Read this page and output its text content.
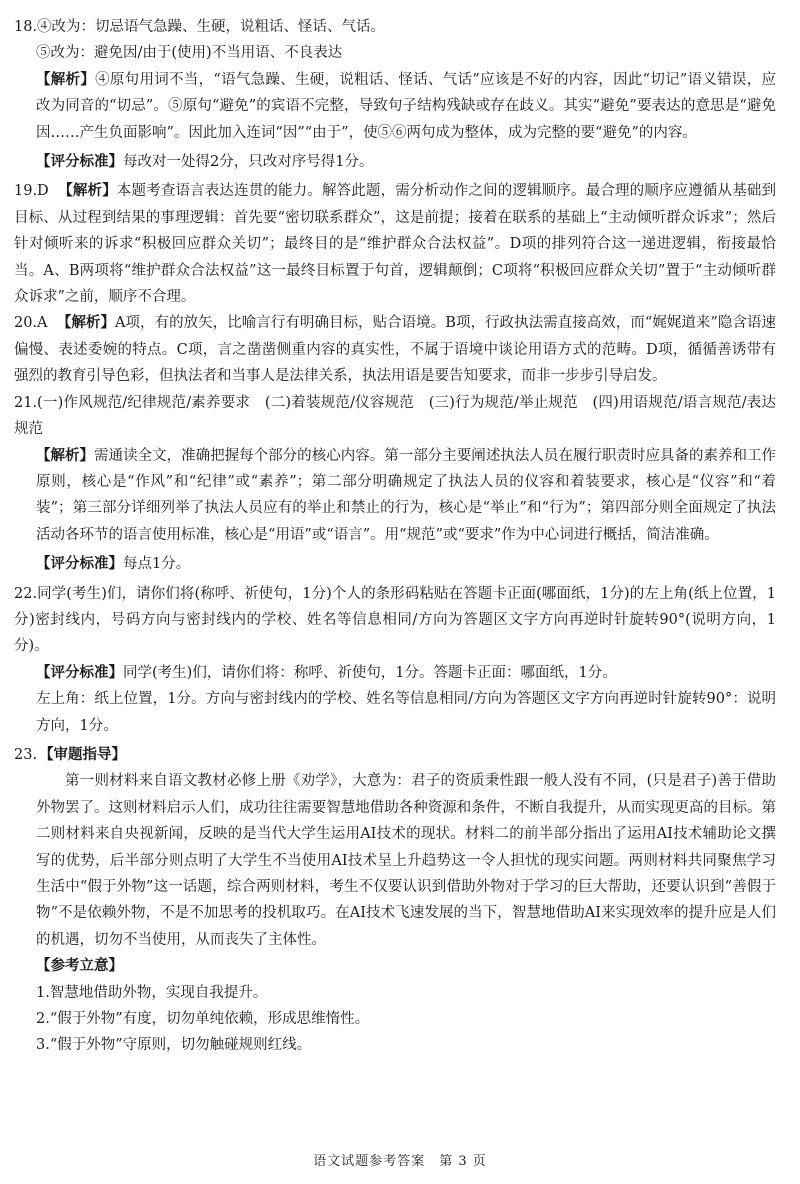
18.④改为：切忌语气急躁、生硬，说粗话、怪话、气话。

⑤改为：避免因/由于(使用)不当用语、不良表达

【解析】④原句用词不当，“语气急躁、生硬，说粗话、怪话、气话”应该是不好的内容，因此“切记”语义错误，应改为同音的“切忌”。⑤原句“避免”的宾语不完整，导致句子结构残缺或存在歧义。其实“避免”要表达的意思是“避免因……产生负面影响”。因此加入连词“因”“由于”，使⑤⑥两句成为整体，成为完整的要“避免”的内容。

【评分标准】每改对一处得2分，只改对序号得1分。

19.D　 【解析】本题考查语言表达连贯的能力。解答此题，需分析动作之间的逻辑顺序。最合理的顺序应遵循从基础到目标、从过程到结果的事理逻辑：首先要“密切联系群众”，这是前提；接着在联系的基础上“主动倾听群众诉求”；然后针对倾听来的诉求“积极回应群众关切”；最终目的是“维护群众合法权益”。D项的排列符合这一递进逻辑，衔接最恰当。A、B两项将“维护群众合法权益”这一最终目标置于句首，逻辑颠倒；C项将“积极回应群众关切”置于“主动倾听群众诉求”之前，顺序不合理。

20.A　 【解析】A项，有的放矢，比喻言行有明确目标，贴合语境。B项，行政执法需直接高效，而“娓娓道来”隐含语速偏慢、表述委婉的特点。C项，言之凿凿侧重内容的真实性，不属于语境中谈论用语方式的范畴。D项，循循善诱带有强烈的教育引导色彩，但执法者和当事人是法律关系，执法用语是要告知要求，而非一步步引导启发。

21.(一)作风规范/纪律规范/素养要求　(二)着装规范/仪容规范　(三)行为规范/举止规范　(四)用语规范/语言规范/表达规范

【解析】需通读全文，准确把握每个部分的核心内容。第一部分主要阐述执法人员在履行职责时应具备的素养和工作原则，核心是“作风”和“纪律”或“素养”；第二部分明确规定了执法人员的仪容和着装要求，核心是“仪容”和“着装”；第三部分详细列举了执法人员应有的举止和禁止的行为，核心是“举止”和“行为”；第四部分则全面规定了执法活动各环节的语言使用标准，核心是“用语”或“语言”。用“规范”或“要求”作为中心词进行概括，简洁准确。

【评分标准】每点1分。

22.同学(考生)们，请你们将(称呼、祈使句，1分)个人的条形码粘贴在答题卡正面(哪面纸，1分)的左上角(纸上位置，1分)密封线内，号码方向与密封线内的学校、姓名等信息相同/方向为答题区文字方向再逆时针旋转90°(说明方向，1分)。

【评分标准】同学(考生)们，请你们将：称呼、祈使句，1分。答题卡正面：哪面纸，1分。

左上角：纸上位置，1分。方向与密封线内的学校、姓名等信息相同/方向为答题区文字方向再逆时针旋转90°：说明方向，1分。

23. 【审题指导】

第一则材料来自语文教材必修上册《劝学》，大意为：君子的资质秉性跟一般人没有不同，(只是君子)善于借助外物罢了。这则材料启示人们，成功往往需要智慧地借助各种资源和条件，不断自我提升，从而实现更高的目标。第二则材料来自央视新闻，反映的是当代大学生运用AI技术的现状。材料二的前半部分指出了运用AI技术辅助论文撰写的优势，后半部分则点明了大学生不当使用AI技术呈上升趋势这一令人担忧的现实问题。两则材料共同聚焦学习生活中“假于外物”这一话题，综合两则材料，考生不仅要认识到借助外物对于学习的巨大帮助，还要认识到“善假于物”不是依赖外物，不是不加思考的投机取巧。在AI技术飞速发展的当下，智慧地借助AI来实现效率的提升应是人们的机遇，切勿不当使用，从而丧失了主体性。

【参考立意】

1.智慧地借助外物，实现自我提升。

2.“假于外物”有度，切勿单纯依赖，形成思维惰性。

3.“假于外物”守原则，切勿触碰规则红线。

语文试题参考答案　第 3 页
